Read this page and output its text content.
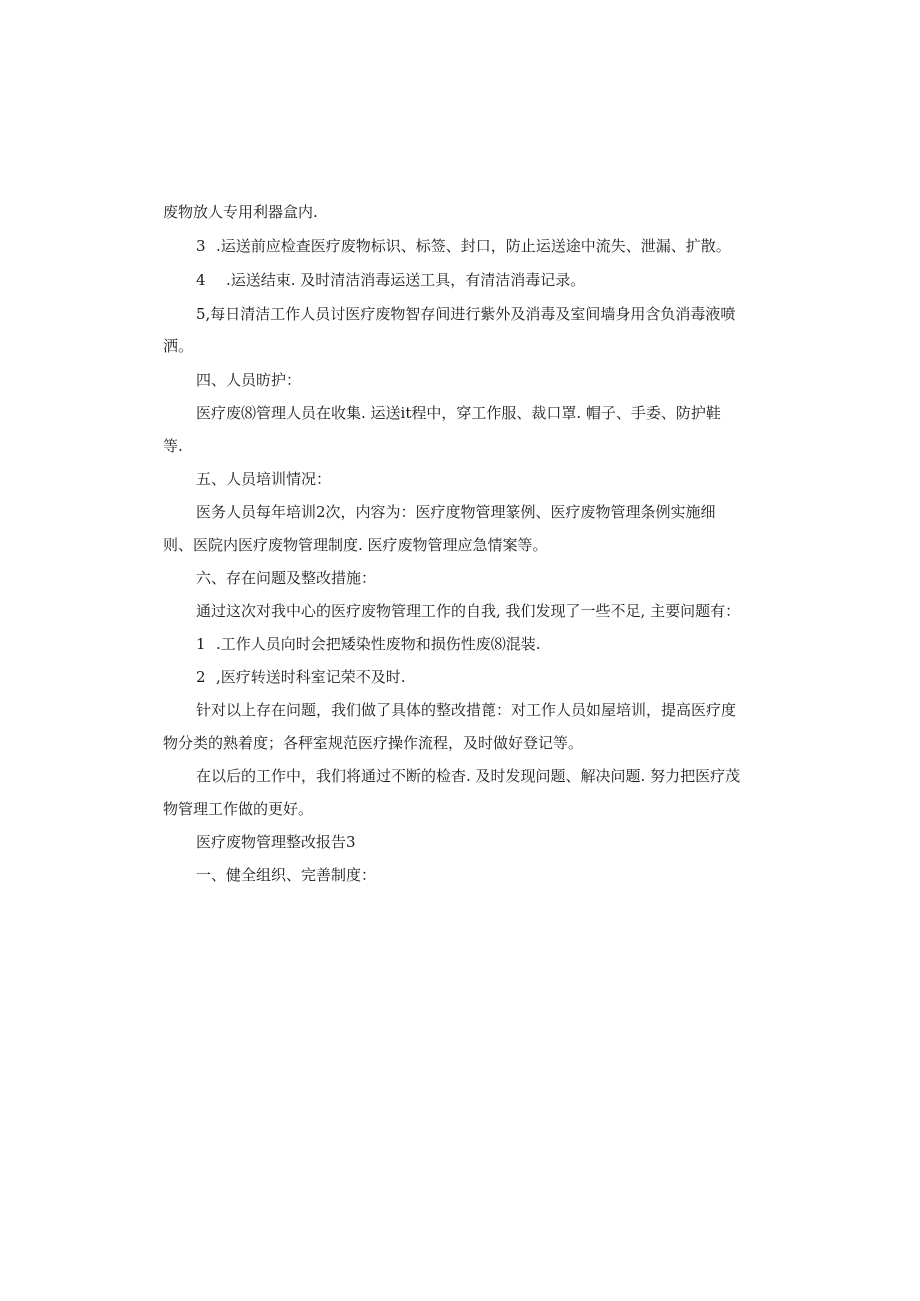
废物放人专用利器盒内.
3 .运送前应检查医疗废物标识、标签、封口，防止运送途中流失、泄漏、扩散。
4 .运送结束. 及时清洁消毒运送工具，有清洁消毒记录。
5,每日清洁工作人员讨医疗废物智存间进行紫外及消毒及室间墙身用含负消毒液喷
洒。
四、人员昉护：
医疗废⑻管理人员在收集. 运送it程中，穿工作服、裁口罩. 帽子、手委、防护鞋
等.
五、人员培训情况：
医务人员每年培训2次，内容为：医疗度物管理篆例、医疗废物管理条例实施细
则、医院内医疗废物管理制度. 医疗废物管理应急情案等。
六、存在问题及整改措施：
通过这次对我中心的医疗废物管理工作的自我, 我们发现了一些不足, 主要问题有：
1 .工作人员向时会把矮染性废物和损伤性废⑻混装.
2 ,医疗转送时科室记荣不及时.
针对以上存在问题，我们做了具体的整改措蓖：对工作人员如屋培训，提高医疗度
物分类的熟着度；各秤室规范医疗操作流程，及时做好登记等。
在以后的工作中，我们将通过不断的检杳. 及时发现问题、解决问题. 努力把医疗茂
物管理工作做的更好。
医疗废物管理整改报告3
一、健全组织、完善制度：
